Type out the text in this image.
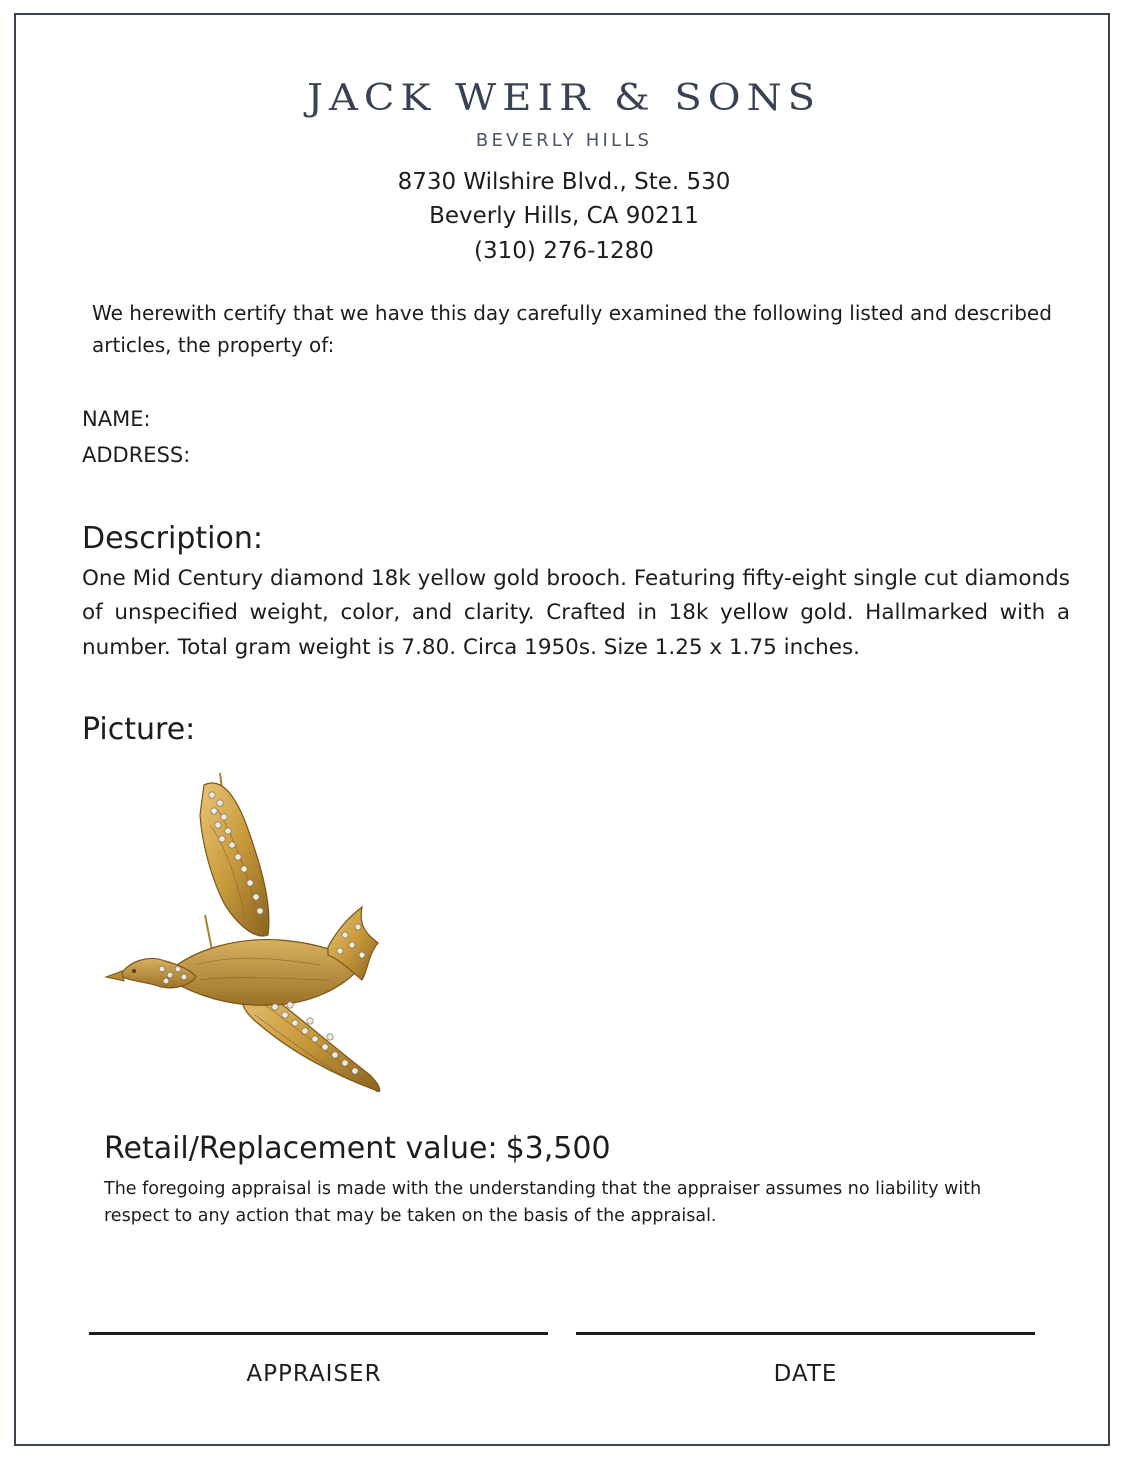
JACK WEIR & SONS
BEVERLY HILLS
8730 Wilshire Blvd., Ste. 530
Beverly Hills, CA 90211
(310) 276-1280
We herewith certify that we have this day carefully examined the following listed and described articles, the property of:
NAME:
ADDRESS:
Description:
One Mid Century diamond 18k yellow gold brooch. Featuring fifty-eight single cut diamonds of unspecified weight, color, and clarity. Crafted in 18k yellow gold. Hallmarked with a number. Total gram weight is 7.80. Circa 1950s. Size 1.25 x 1.75 inches.
Picture:
Retail/Replacement value: $3,500
The foregoing appraisal is made with the understanding that the appraiser assumes no liability with respect to any action that may be taken on the basis of the appraisal.
APPRAISER	DATE
